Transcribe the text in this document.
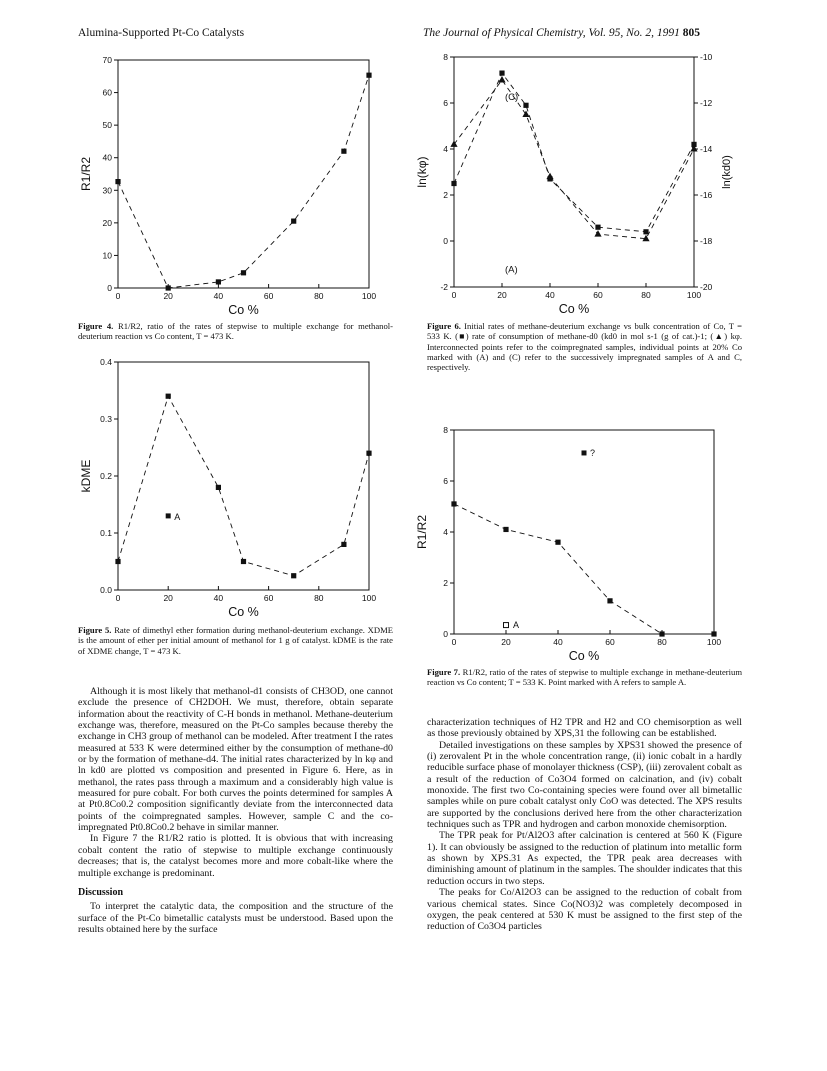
Alumina-Supported Pt-Co Catalysts	The Journal of Physical Chemistry, Vol. 95, No. 2, 1991 805
0	20	40	60	80	100
0
10
20
30
40
50
60
70
Co %
R1/R2
Figure 4. R1/R2, ratio of the rates of stepwise to multiple exchange for methanol-deuterium reaction vs Co content, T = 473 K.
0	20	40	60	80	100
0.0
0.1
0.2
0.3
0.4
Co %
kDME
A
Figure 5. Rate of dimethyl ether formation during methanol-deuterium exchange. XDME is the amount of ether per initial amount of methanol for 1 g of catalyst. kDME is the rate of XDME change, T = 473 K.
0	20	40	60	80	100
-2
0
2
4
6
8
-20
-18
-16
-14
-12
-10
ln(kd0)
Co %
ln(kφ)
(C)
(A)
Figure 6. Initial rates of methane-deuterium exchange vs bulk concentration of Co, T = 533 K. (■) rate of consumption of methane-d0 (kd0 in mol s-1 (g of cat.)-1; (▲) kφ. Interconnected points refer to the coimpregnated samples, individual points at 20% Co marked with (A) and (C) refer to the successively impregnated samples of A and C, respectively.
0	20	40	60	80	100
0
2
4
6
8
Co %
R1/R2
?
A
Figure 7. R1/R2, ratio of the rates of stepwise to multiple exchange in methane-deuterium reaction vs Co content; T = 533 K. Point marked with A refers to sample A.

Although it is most likely that methanol-d1 consists of CH3OD, one cannot exclude the presence of CH2DOH. We must, therefore, obtain separate information about the reactivity of C-H bonds in methanol. Methane-deuterium exchange was, therefore, measured on the Pt-Co samples because thereby the exchange in CH3 group of methanol can be modeled. After treatment I the rates measured at 533 K were determined either by the consumption of methane-d0 or by the formation of methane-d4. The initial rates characterized by ln kφ and ln kd0 are plotted vs composition and presented in Figure 6. Here, as in methanol, the rates pass through a maximum and a considerably high value is measured for pure cobalt. For both curves the points determined for samples A at Pt0.8Co0.2 composition significantly deviate from the interconnected data points of the coimpregnated samples. However, sample C and the co-impregnated Pt0.8Co0.2 behave in similar manner.

In Figure 7 the R1/R2 ratio is plotted. It is obvious that with increasing cobalt content the ratio of stepwise to multiple exchange continuously decreases; that is, the catalyst becomes more and more cobalt-like where the multiple exchange is predominant.

Discussion

To interpret the catalytic data, the composition and the structure of the surface of the Pt-Co bimetallic catalysts must be understood. Based upon the results obtained here by the surface

characterization techniques of H2 TPR and H2 and CO chemisorption as well as those previously obtained by XPS,31 the following can be established.

Detailed investigations on these samples by XPS31 showed the presence of (i) zerovalent Pt in the whole concentration range, (ii) ionic cobalt in a hardly reducible surface phase of monolayer thickness (CSP), (iii) zerovalent cobalt as a result of the reduction of Co3O4 formed on calcination, and (iv) cobalt monoxide. The first two Co-containing species were found over all bimetallic samples while on pure cobalt catalyst only CoO was detected. The XPS results are supported by the conclusions derived here from the other characterization techniques such as TPR and hydrogen and carbon monoxide chemisorption.

The TPR peak for Pt/Al2O3 after calcination is centered at 560 K (Figure 1). It can obviously be assigned to the reduction of platinum into metallic form as shown by XPS.31 As expected, the TPR peak area decreases with diminishing amount of platinum in the samples. The shoulder indicates that this reduction occurs in two steps.

The peaks for Co/Al2O3 can be assigned to the reduction of cobalt from various chemical states. Since Co(NO3)2 was completely decomposed in oxygen, the peak centered at 530 K must be assigned to the first step of the reduction of Co3O4 particles
